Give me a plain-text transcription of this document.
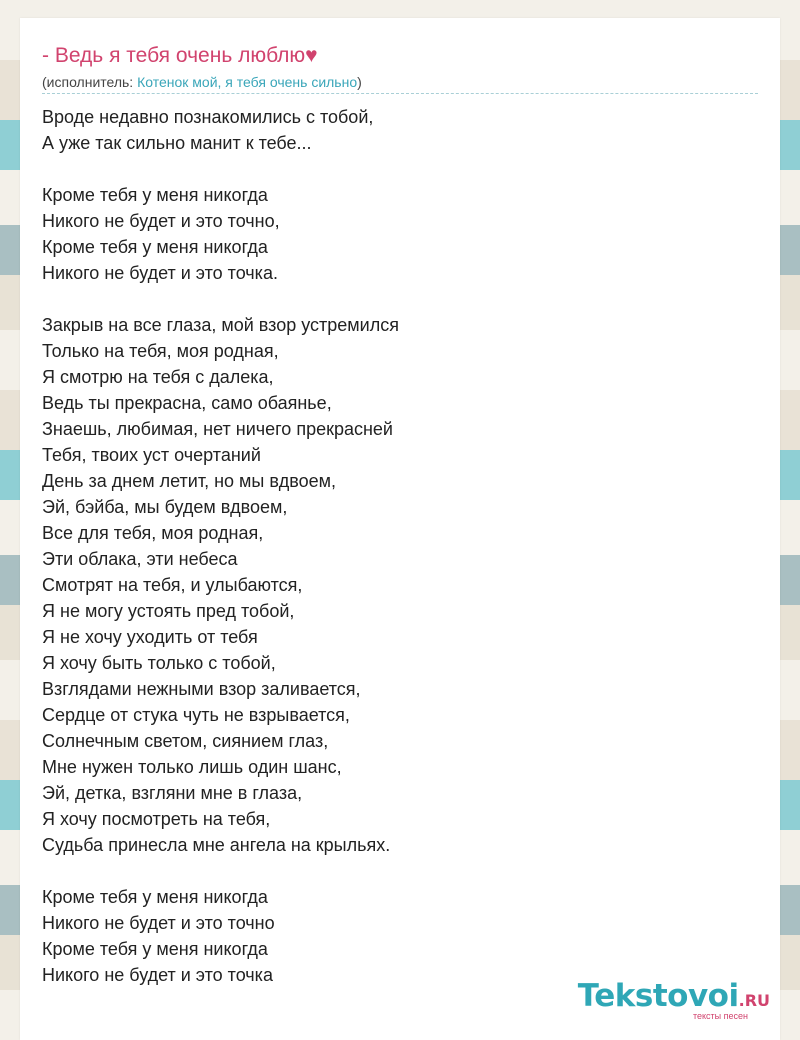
- Ведь я тебя очень люблю♥
(исполнитель: Котенок мой, я тебя очень сильно)
Вроде недавно познакомились с тобой,
А уже так сильно манит к тебе...
Кроме тебя у меня никогда
Никого не будет и это точно,
Кроме тебя у меня никогда
Никого не будет и это точка.
Закрыв на все глаза, мой взор устремился
Только на тебя, моя родная,
Я смотрю на тебя с далека,
Ведь ты прекрасна, само обаянье,
Знаешь, любимая, нет ничего прекрасней
Тебя, твоих уст очертаний
День за днем летит, но мы вдвоем,
Эй, бэйба, мы будем вдвоем,
Все для тебя, моя родная,
Эти облака, эти небеса
Смотрят на тебя, и улыбаются,
Я не могу устоять пред тобой,
Я не хочу уходить от тебя
Я хочу быть только с тобой,
Взглядами нежными взор заливается,
Сердце от стука чуть не взрывается,
Солнечным светом, сиянием глаз,
Мне нужен только лишь один шанс,
Эй, детка, взгляни мне в глаза,
Я хочу посмотреть на тебя,
Судьба принесла мне ангела на крыльях.
Кроме тебя у меня никогда
Никого не будет и это точно
Кроме тебя у меня никогда
Никого не будет и это точка
Tekstovoi.RU
тексты песен
